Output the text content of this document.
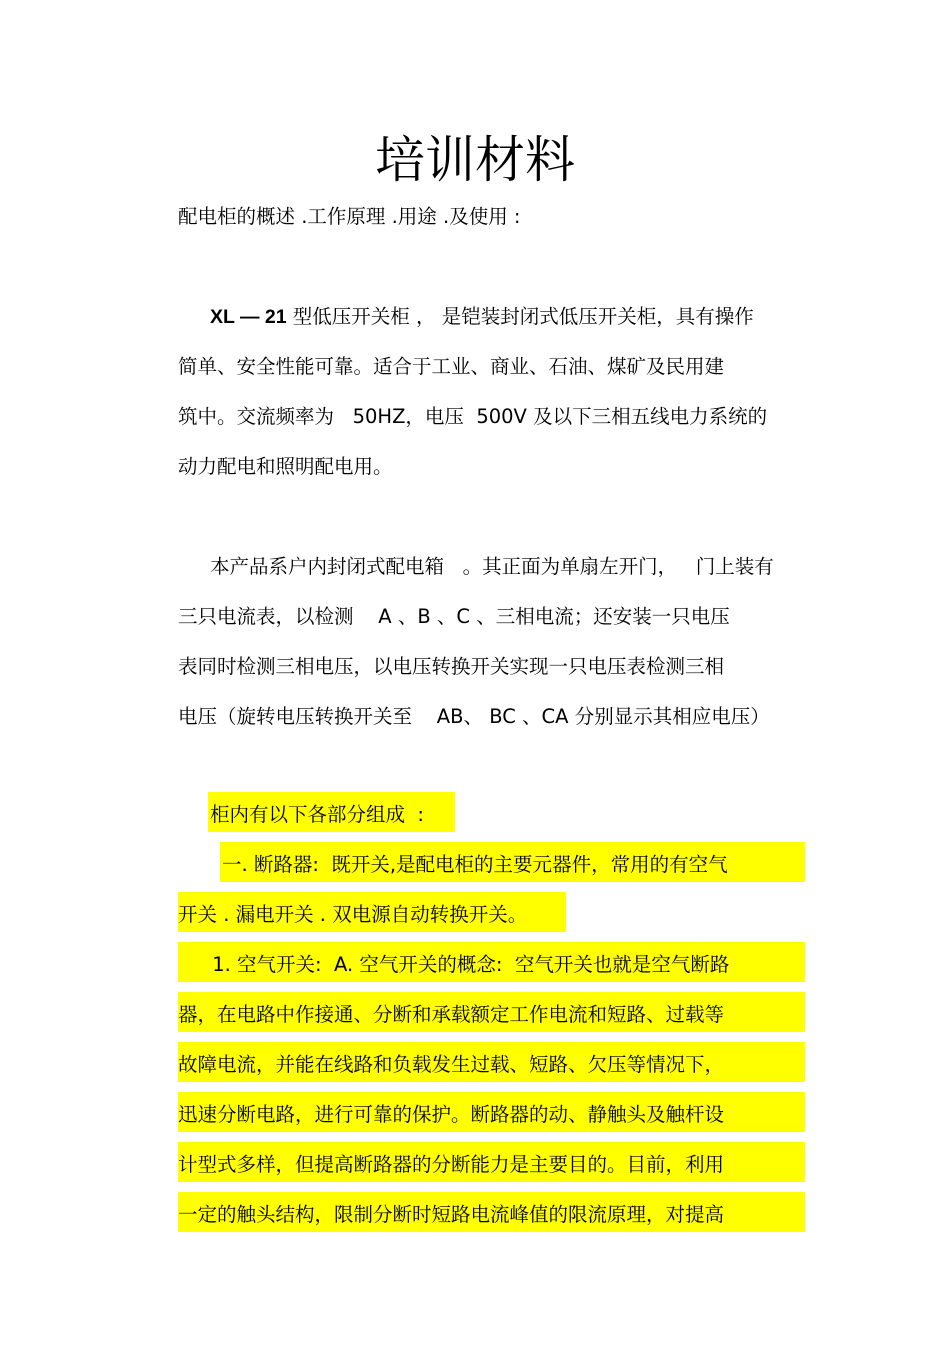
培训材料

配电柜的概述 .工作原理 .用途 .及使用 :

XL — 21 型低压开关柜 ， 是铠装封闭式低压开关柜，具有操作

简单、安全性能可靠。适合于工业、商业、石油、煤矿及民用建

筑中。交流频率为   50HZ，电压  500V 及以下三相五线电力系统的

动力配电和照明配电用。

本产品系户内封闭式配电箱   。其正面为单扇左开门，   门上装有

三只电流表，以检测    A 、B 、C 、三相电流；还安装一只电压

表同时检测三相电压，以电压转换开关实现一只电压表检测三相

电压（旋转电压转换开关至    AB、 BC 、CA 分别显示其相应电压）

柜内有以下各部分组成  :

一. 断路器:  既开关,是配电柜的主要元器件，常用的有空气

开关 . 漏电开关 . 双电源自动转换开关。

1. 空气开关:  A. 空气开关的概念:  空气开关也就是空气断路

器，在电路中作接通、分断和承载额定工作电流和短路、过载等

故障电流，并能在线路和负载发生过载、短路、欠压等情况下，

迅速分断电路，进行可靠的保护。断路器的动、静触头及触杆设

计型式多样，但提高断路器的分断能力是主要目的。目前，利用

一定的触头结构，限制分断时短路电流峰值的限流原理，对提高
